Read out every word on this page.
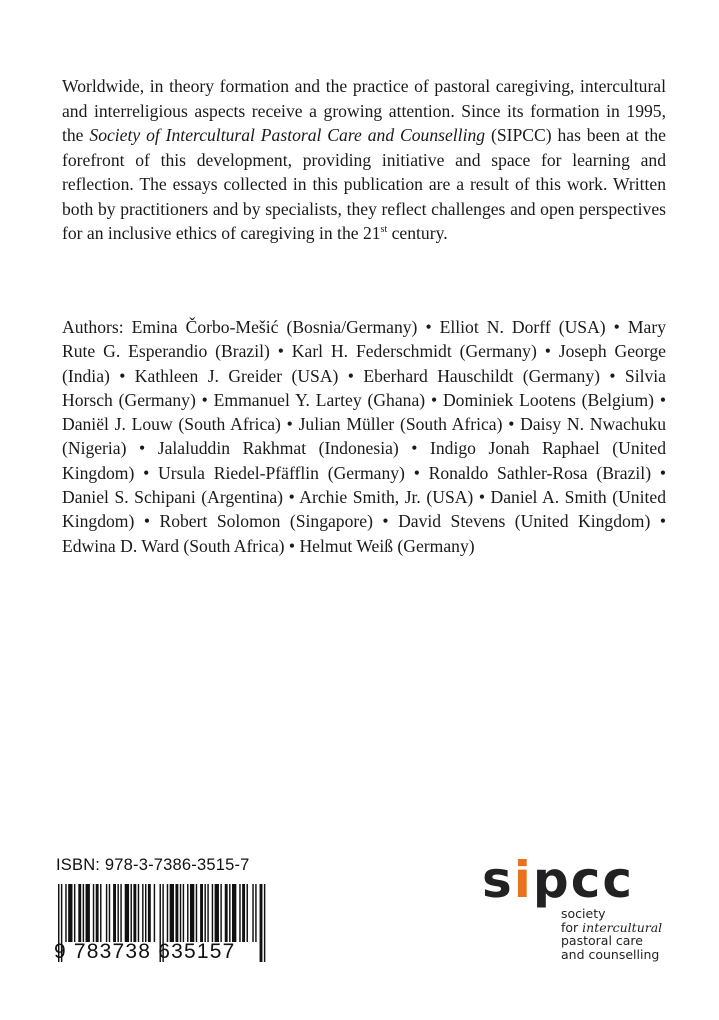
Worldwide, in theory formation and the practice of pastoral caregiving, intercultural and interreligious aspects receive a growing attention. Since its formation in 1995, the Society of Intercultural Pastoral Care and Counselling (SIPCC) has been at the forefront of this development, providing initiative and space for learning and reflection. The essays collected in this publication are a result of this work. Written both by practitioners and by specialists, they reflect challenges and open perspectives for an inclusive ethics of caregiving in the 21st century.

Authors: Emina Čorbo-Mešić (Bosnia/Germany) • Elliot N. Dorff (USA) • Mary Rute G. Esperandio (Brazil) • Karl H. Federschmidt (Germany) • Joseph George (India) • Kathleen J. Greider (USA) • Eberhard Hauschildt (Germany) • Silvia Horsch (Germany) • Emmanuel Y. Lartey (Ghana) • Dominiek Lootens (Belgium) • Daniël J. Louw (South Africa) • Julian Müller (South Africa) • Daisy N. Nwachuku (Nigeria) • Jalaluddin Rakhmat (Indonesia) • Indigo Jonah Raphael (United Kingdom) • Ursula Riedel-Pfäfflin (Germany) • Ronaldo Sathler-Rosa (Brazil) • Daniel S. Schipani (Argentina) • Archie Smith, Jr. (USA) • Daniel A. Smith (United Kingdom) • Robert Solomon (Singapore) • David Stevens (United Kingdom) • Edwina D. Ward (South Africa) • Helmut Weiß (Germany)

ISBN: 978-3-7386-3515-7
9 783738 635157
sipcc
society
for intercultural
pastoral care
and counselling
